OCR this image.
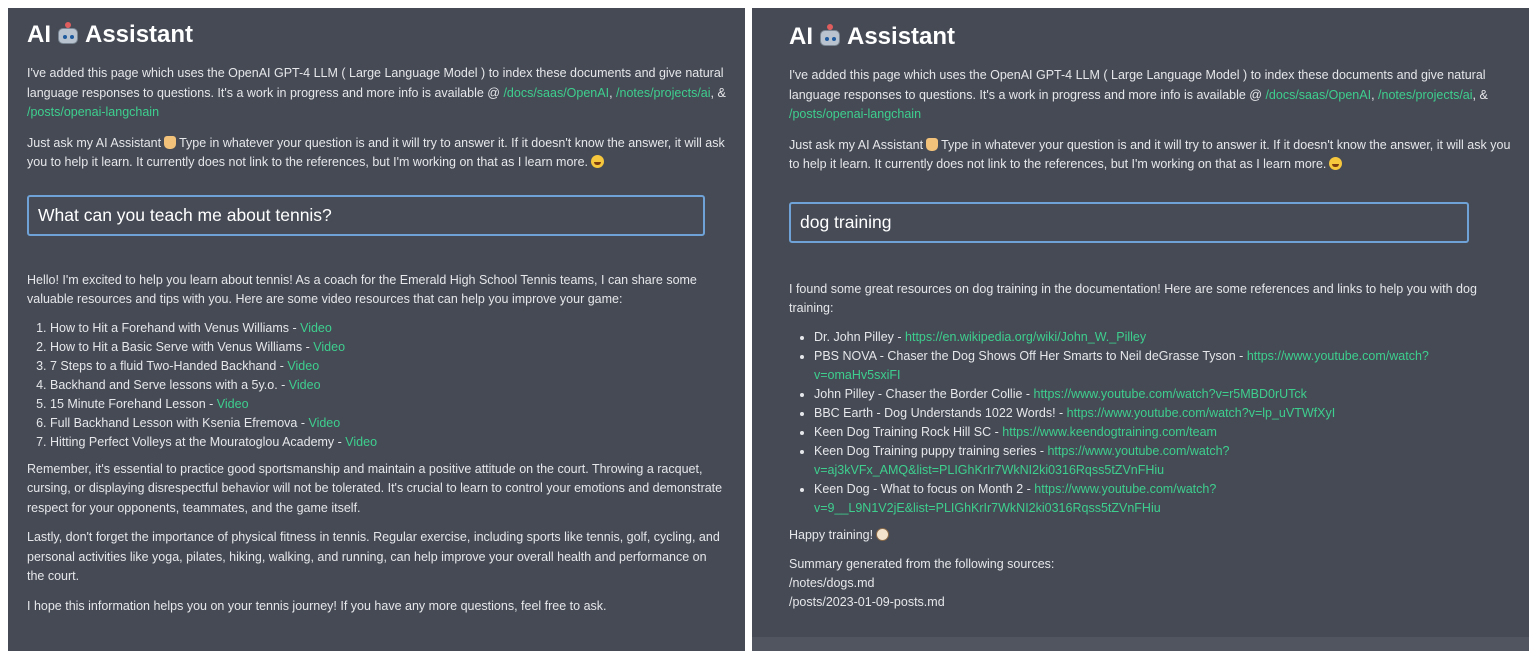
AI Assistant

I've added this page which uses the OpenAI GPT-4 LLM ( Large Language Model ) to index these documents and give natural language responses to questions. It's a work in progress and more info is available @ /docs/saas/OpenAI, /notes/projects/ai, & /posts/openai-langchain

Just ask my AI Assistant Type in whatever your question is and it will try to answer it. If it doesn't know the answer, it will ask you to help it learn. It currently does not link to the references, but I'm working on that as I learn more.

What can you teach me about tennis?

Hello! I'm excited to help you learn about tennis! As a coach for the Emerald High School Tennis teams, I can share some valuable resources and tips with you. Here are some video resources that can help you improve your game:

1. How to Hit a Forehand with Venus Williams - Video
2. How to Hit a Basic Serve with Venus Williams - Video
3. 7 Steps to a fluid Two-Handed Backhand - Video
4. Backhand and Serve lessons with a 5y.o. - Video
5. 15 Minute Forehand Lesson - Video
6. Full Backhand Lesson with Ksenia Efremova - Video
7. Hitting Perfect Volleys at the Mouratoglou Academy - Video

Remember, it's essential to practice good sportsmanship and maintain a positive attitude on the court. Throwing a racquet, cursing, or displaying disrespectful behavior will not be tolerated. It's crucial to learn to control your emotions and demonstrate respect for your opponents, teammates, and the game itself.

Lastly, don't forget the importance of physical fitness in tennis. Regular exercise, including sports like tennis, golf, cycling, and personal activities like yoga, pilates, hiking, walking, and running, can help improve your overall health and performance on the court.

I hope this information helps you on your tennis journey! If you have any more questions, feel free to ask.

AI Assistant

I've added this page which uses the OpenAI GPT-4 LLM ( Large Language Model ) to index these documents and give natural language responses to questions. It's a work in progress and more info is available @ /docs/saas/OpenAI, /notes/projects/ai, & /posts/openai-langchain

Just ask my AI Assistant Type in whatever your question is and it will try to answer it. If it doesn't know the answer, it will ask you to help it learn. It currently does not link to the references, but I'm working on that as I learn more.

dog training

I found some great resources on dog training in the documentation! Here are some references and links to help you with dog training:

• Dr. John Pilley - https://en.wikipedia.org/wiki/John_W._Pilley
• PBS NOVA - Chaser the Dog Shows Off Her Smarts to Neil deGrasse Tyson - https://www.youtube.com/watch?v=omaHv5sxiFI
• John Pilley - Chaser the Border Collie - https://www.youtube.com/watch?v=r5MBD0rUTck
• BBC Earth - Dog Understands 1022 Words! - https://www.youtube.com/watch?v=lp_uVTWfXyI
• Keen Dog Training Rock Hill SC - https://www.keendogtraining.com/team
• Keen Dog Training puppy training series - https://www.youtube.com/watch?v=aj3kVFx_AMQ&list=PLIGhKrIr7WkNI2ki0316Rqss5tZVnFHiu
• Keen Dog - What to focus on Month 2 - https://www.youtube.com/watch?v=9__L9N1V2jE&list=PLIGhKrIr7WkNI2ki0316Rqss5tZVnFHiu

Happy training!

Summary generated from the following sources:

/notes/dogs.md

/posts/2023-01-09-posts.md
